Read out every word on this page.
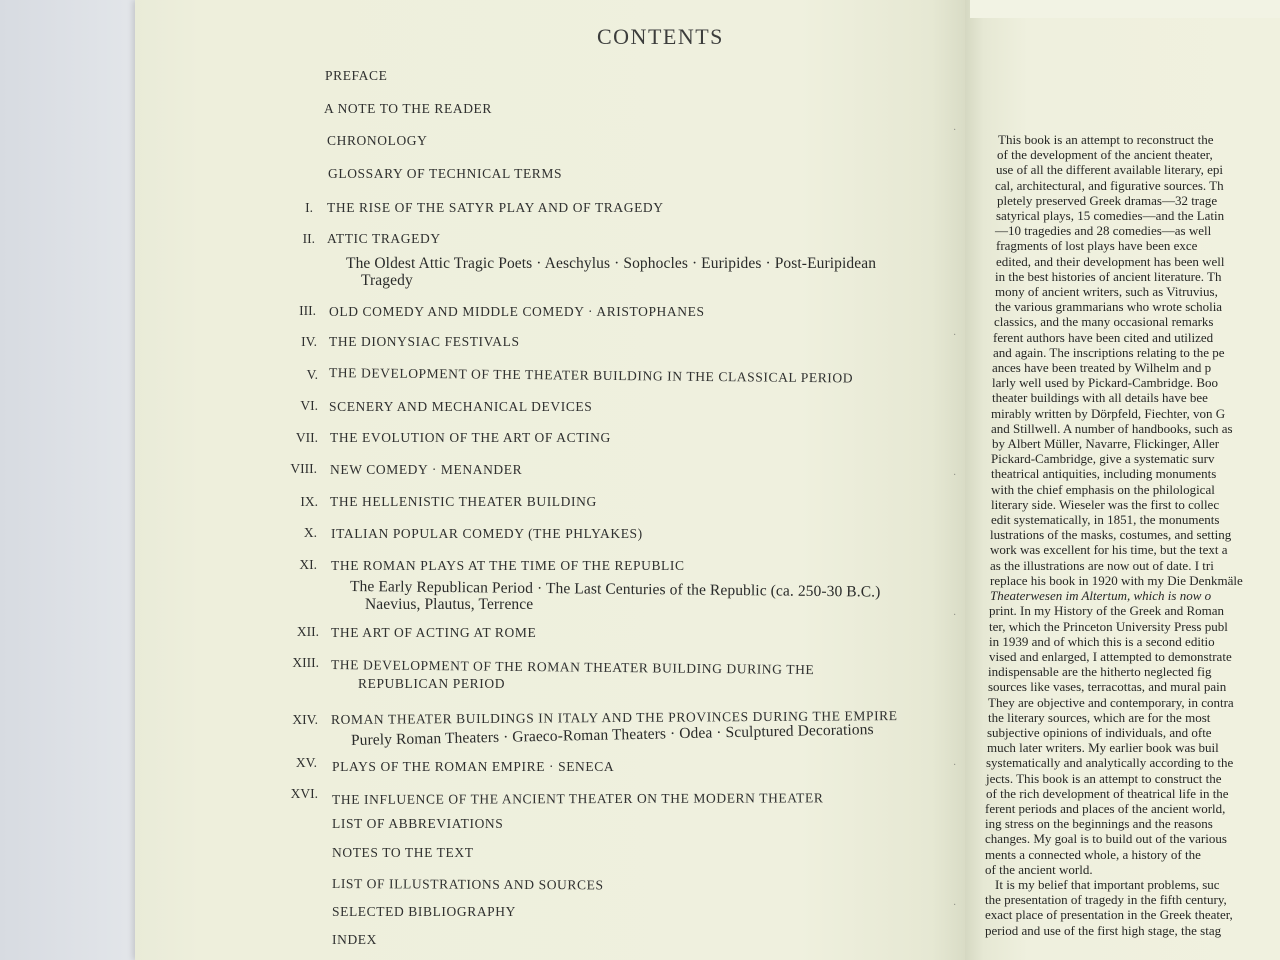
CONTENTS
PREFACE
A NOTE TO THE READER
CHRONOLOGY
GLOSSARY OF TECHNICAL TERMS
I. THE RISE OF THE SATYR PLAY AND OF TRAGEDY
II. ATTIC TRAGEDY
The Oldest Attic Tragic Poets · Aeschylus · Sophocles · Euripides · Post-Euripidean
Tragedy
III. OLD COMEDY AND MIDDLE COMEDY · ARISTOPHANES
IV. THE DIONYSIAC FESTIVALS
V. THE DEVELOPMENT OF THE THEATER BUILDING IN THE CLASSICAL PERIOD
VI. SCENERY AND MECHANICAL DEVICES
VII. THE EVOLUTION OF THE ART OF ACTING
VIII. NEW COMEDY · MENANDER
IX. THE HELLENISTIC THEATER BUILDING
X. ITALIAN POPULAR COMEDY (THE PHLYAKES)
XI. THE ROMAN PLAYS AT THE TIME OF THE REPUBLIC
The Early Republican Period · The Last Centuries of the Republic (ca. 250-30 B.C.)
Naevius, Plautus, Terrence
XII. THE ART OF ACTING AT ROME
XIII. THE DEVELOPMENT OF THE ROMAN THEATER BUILDING DURING THE
REPUBLICAN PERIOD
XIV. ROMAN THEATER BUILDINGS IN ITALY AND THE PROVINCES DURING THE EMPIRE
Purely Roman Theaters · Graeco-Roman Theaters · Odea · Sculptured Decorations
XV. PLAYS OF THE ROMAN EMPIRE · SENECA
XVI. THE INFLUENCE OF THE ANCIENT THEATER ON THE MODERN THEATER
LIST OF ABBREVIATIONS
NOTES TO THE TEXT
LIST OF ILLUSTRATIONS AND SOURCES
SELECTED BIBLIOGRAPHY
INDEX
·
·
·
·
·
·
This book is an attempt to reconstruct the
of the development of the ancient theater,
use of all the different available literary, epi
cal, architectural, and figurative sources. Th
pletely preserved Greek dramas—32 trage
satyrical plays, 15 comedies—and the Latin
—10 tragedies and 28 comedies—as well
fragments of lost plays have been exce
edited, and their development has been well
in the best histories of ancient literature. Th
mony of ancient writers, such as Vitruvius,
the various grammarians who wrote scholia
classics, and the many occasional remarks
ferent authors have been cited and utilized
and again. The inscriptions relating to the pe
ances have been treated by Wilhelm and p
larly well used by Pickard-Cambridge. Boo
theater buildings with all details have bee
mirably written by Dörpfeld, Fiechter, von G
and Stillwell. A number of handbooks, such as
by Albert Müller, Navarre, Flickinger, Aller
Pickard-Cambridge, give a systematic surv
theatrical antiquities, including monuments
with the chief emphasis on the philological
literary side. Wieseler was the first to collec
edit systematically, in 1851, the monuments
lustrations of the masks, costumes, and setting
work was excellent for his time, but the text a
as the illustrations are now out of date. I tri
replace his book in 1920 with my Die Denkmäle
Theaterwesen im Altertum, which is now o
print. In my History of the Greek and Roman
ter, which the Princeton University Press publ
in 1939 and of which this is a second editio
vised and enlarged, I attempted to demonstrate
indispensable are the hitherto neglected fig
sources like vases, terracottas, and mural pain
They are objective and contemporary, in contra
the literary sources, which are for the most
subjective opinions of individuals, and ofte
much later writers. My earlier book was buil
systematically and analytically according to the
jects. This book is an attempt to construct the
of the rich development of theatrical life in the
ferent periods and places of the ancient world,
ing stress on the beginnings and the reasons
changes. My goal is to build out of the various
ments a connected whole, a history of the
of the ancient world.
It is my belief that important problems, suc
the presentation of tragedy in the fifth century,
exact place of presentation in the Greek theater,
period and use of the first high stage, the stag
